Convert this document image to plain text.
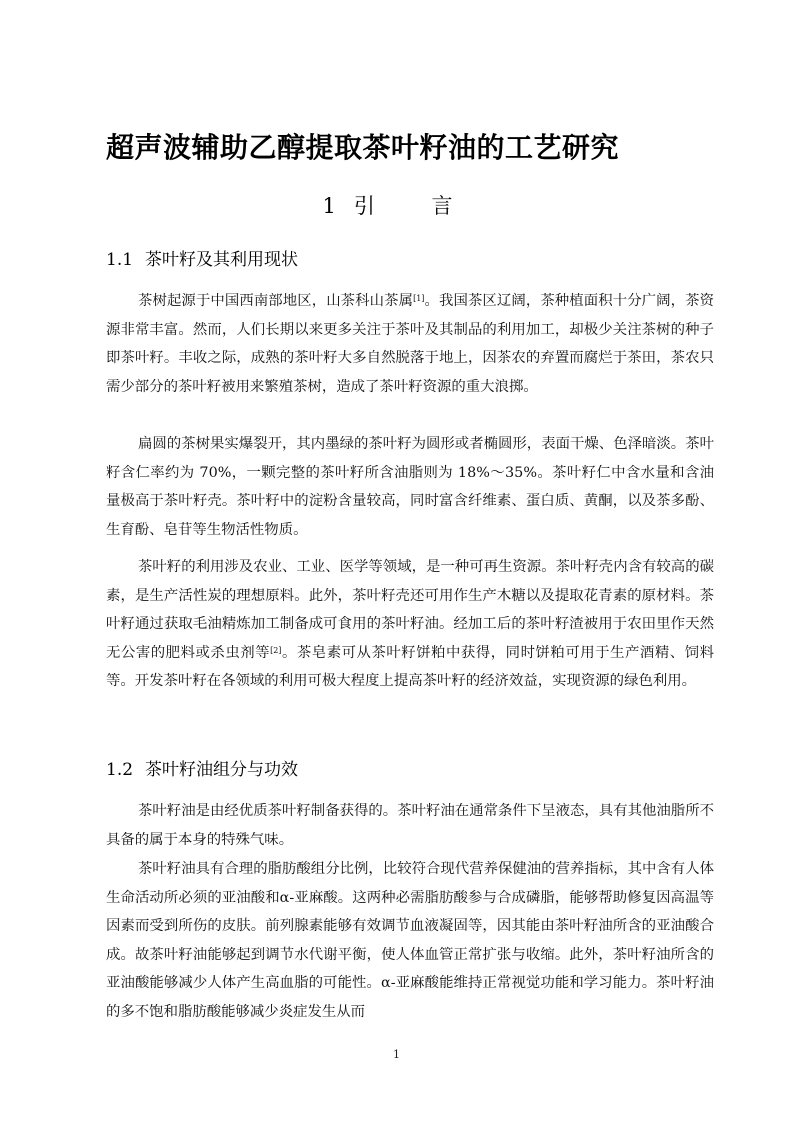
超声波辅助乙醇提取茶叶籽油的工艺研究
1 引 言
1.1 茶叶籽及其利用现状

茶树起源于中国西南部地区，山茶科山茶属[1]。我国茶区辽阔，茶种植面积十分广阔，茶资源非常丰富。然而，人们长期以来更多关注于茶叶及其制品的利用加工，却极少关注茶树的种子即茶叶籽。丰收之际，成熟的茶叶籽大多自然脱落于地上，因茶农的弃置而腐烂于茶田，茶农只需少部分的茶叶籽被用来繁殖茶树，造成了茶叶籽资源的重大浪掷。

扁圆的茶树果实爆裂开，其内墨绿的茶叶籽为圆形或者椭圆形，表面干燥、色泽暗淡。茶叶籽含仁率约为 70%，一颗完整的茶叶籽所含油脂则为 18%～35%。茶叶籽仁中含水量和含油量极高于茶叶籽壳。茶叶籽中的淀粉含量较高，同时富含纤维素、蛋白质、黄酮，以及茶多酚、生育酚、皂苷等生物活性物质。

茶叶籽的利用涉及农业、工业、医学等领域，是一种可再生资源。茶叶籽壳内含有较高的碳素，是生产活性炭的理想原料。此外，茶叶籽壳还可用作生产木糖以及提取花青素的原材料。茶叶籽通过获取毛油精炼加工制备成可食用的茶叶籽油。经加工后的茶叶籽渣被用于农田里作天然无公害的肥料或杀虫剂等[2]。茶皂素可从茶叶籽饼粕中获得，同时饼粕可用于生产酒精、饲料等。开发茶叶籽在各领域的利用可极大程度上提高茶叶籽的经济效益，实现资源的绿色利用。

1.2 茶叶籽油组分与功效

茶叶籽油是由经优质茶叶籽制备获得的。茶叶籽油在通常条件下呈液态，具有其他油脂所不具备的属于本身的特殊气味。

茶叶籽油具有合理的脂肪酸组分比例，比较符合现代营养保健油的营养指标，其中含有人体生命活动所必须的亚油酸和α-亚麻酸。这两种必需脂肪酸参与合成磷脂，能够帮助修复因高温等因素而受到所伤的皮肤。前列腺素能够有效调节血液凝固等，因其能由茶叶籽油所含的亚油酸合成。故茶叶籽油能够起到调节水代谢平衡，使人体血管正常扩张与收缩。此外，茶叶籽油所含的亚油酸能够减少人体产生高血脂的可能性。α-亚麻酸能维持正常视觉功能和学习能力。茶叶籽油的多不饱和脂肪酸能够减少炎症发生从而

1
